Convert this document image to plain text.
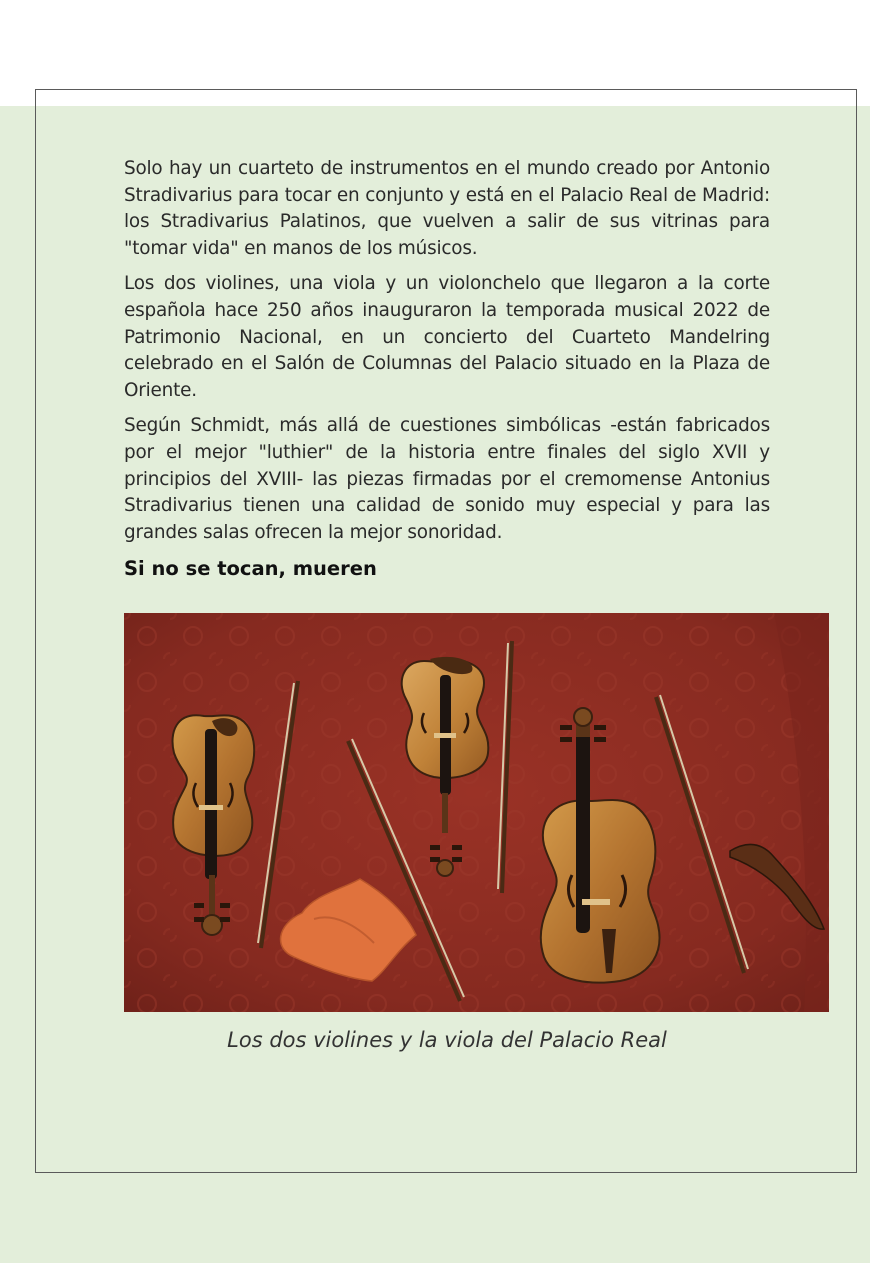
Solo hay un cuarteto de instrumentos en el mundo creado por Antonio Stradivarius para tocar en conjunto y está en el Palacio Real de Madrid: los Stradivarius Palatinos, que vuelven a salir de sus vitrinas para "tomar vida" en manos de los músicos.

Los dos violines, una viola y un violonchelo que llegaron a la corte española hace 250 años inauguraron la temporada musical 2022 de Patrimonio Nacional, en un concierto del Cuarteto Mandelring celebrado en el Salón de Columnas del Palacio situado en la Plaza de Oriente.

Según Schmidt, más allá de cuestiones simbólicas -están fabricados por el mejor "luthier" de la historia entre finales del siglo XVII y principios del XVIII- las piezas firmadas por el cremomense Antonius Stradivarius tienen una calidad de sonido muy especial y para las grandes salas ofrecen la mejor sonoridad.

Si no se tocan, mueren
Los dos violines y la viola del Palacio Real
